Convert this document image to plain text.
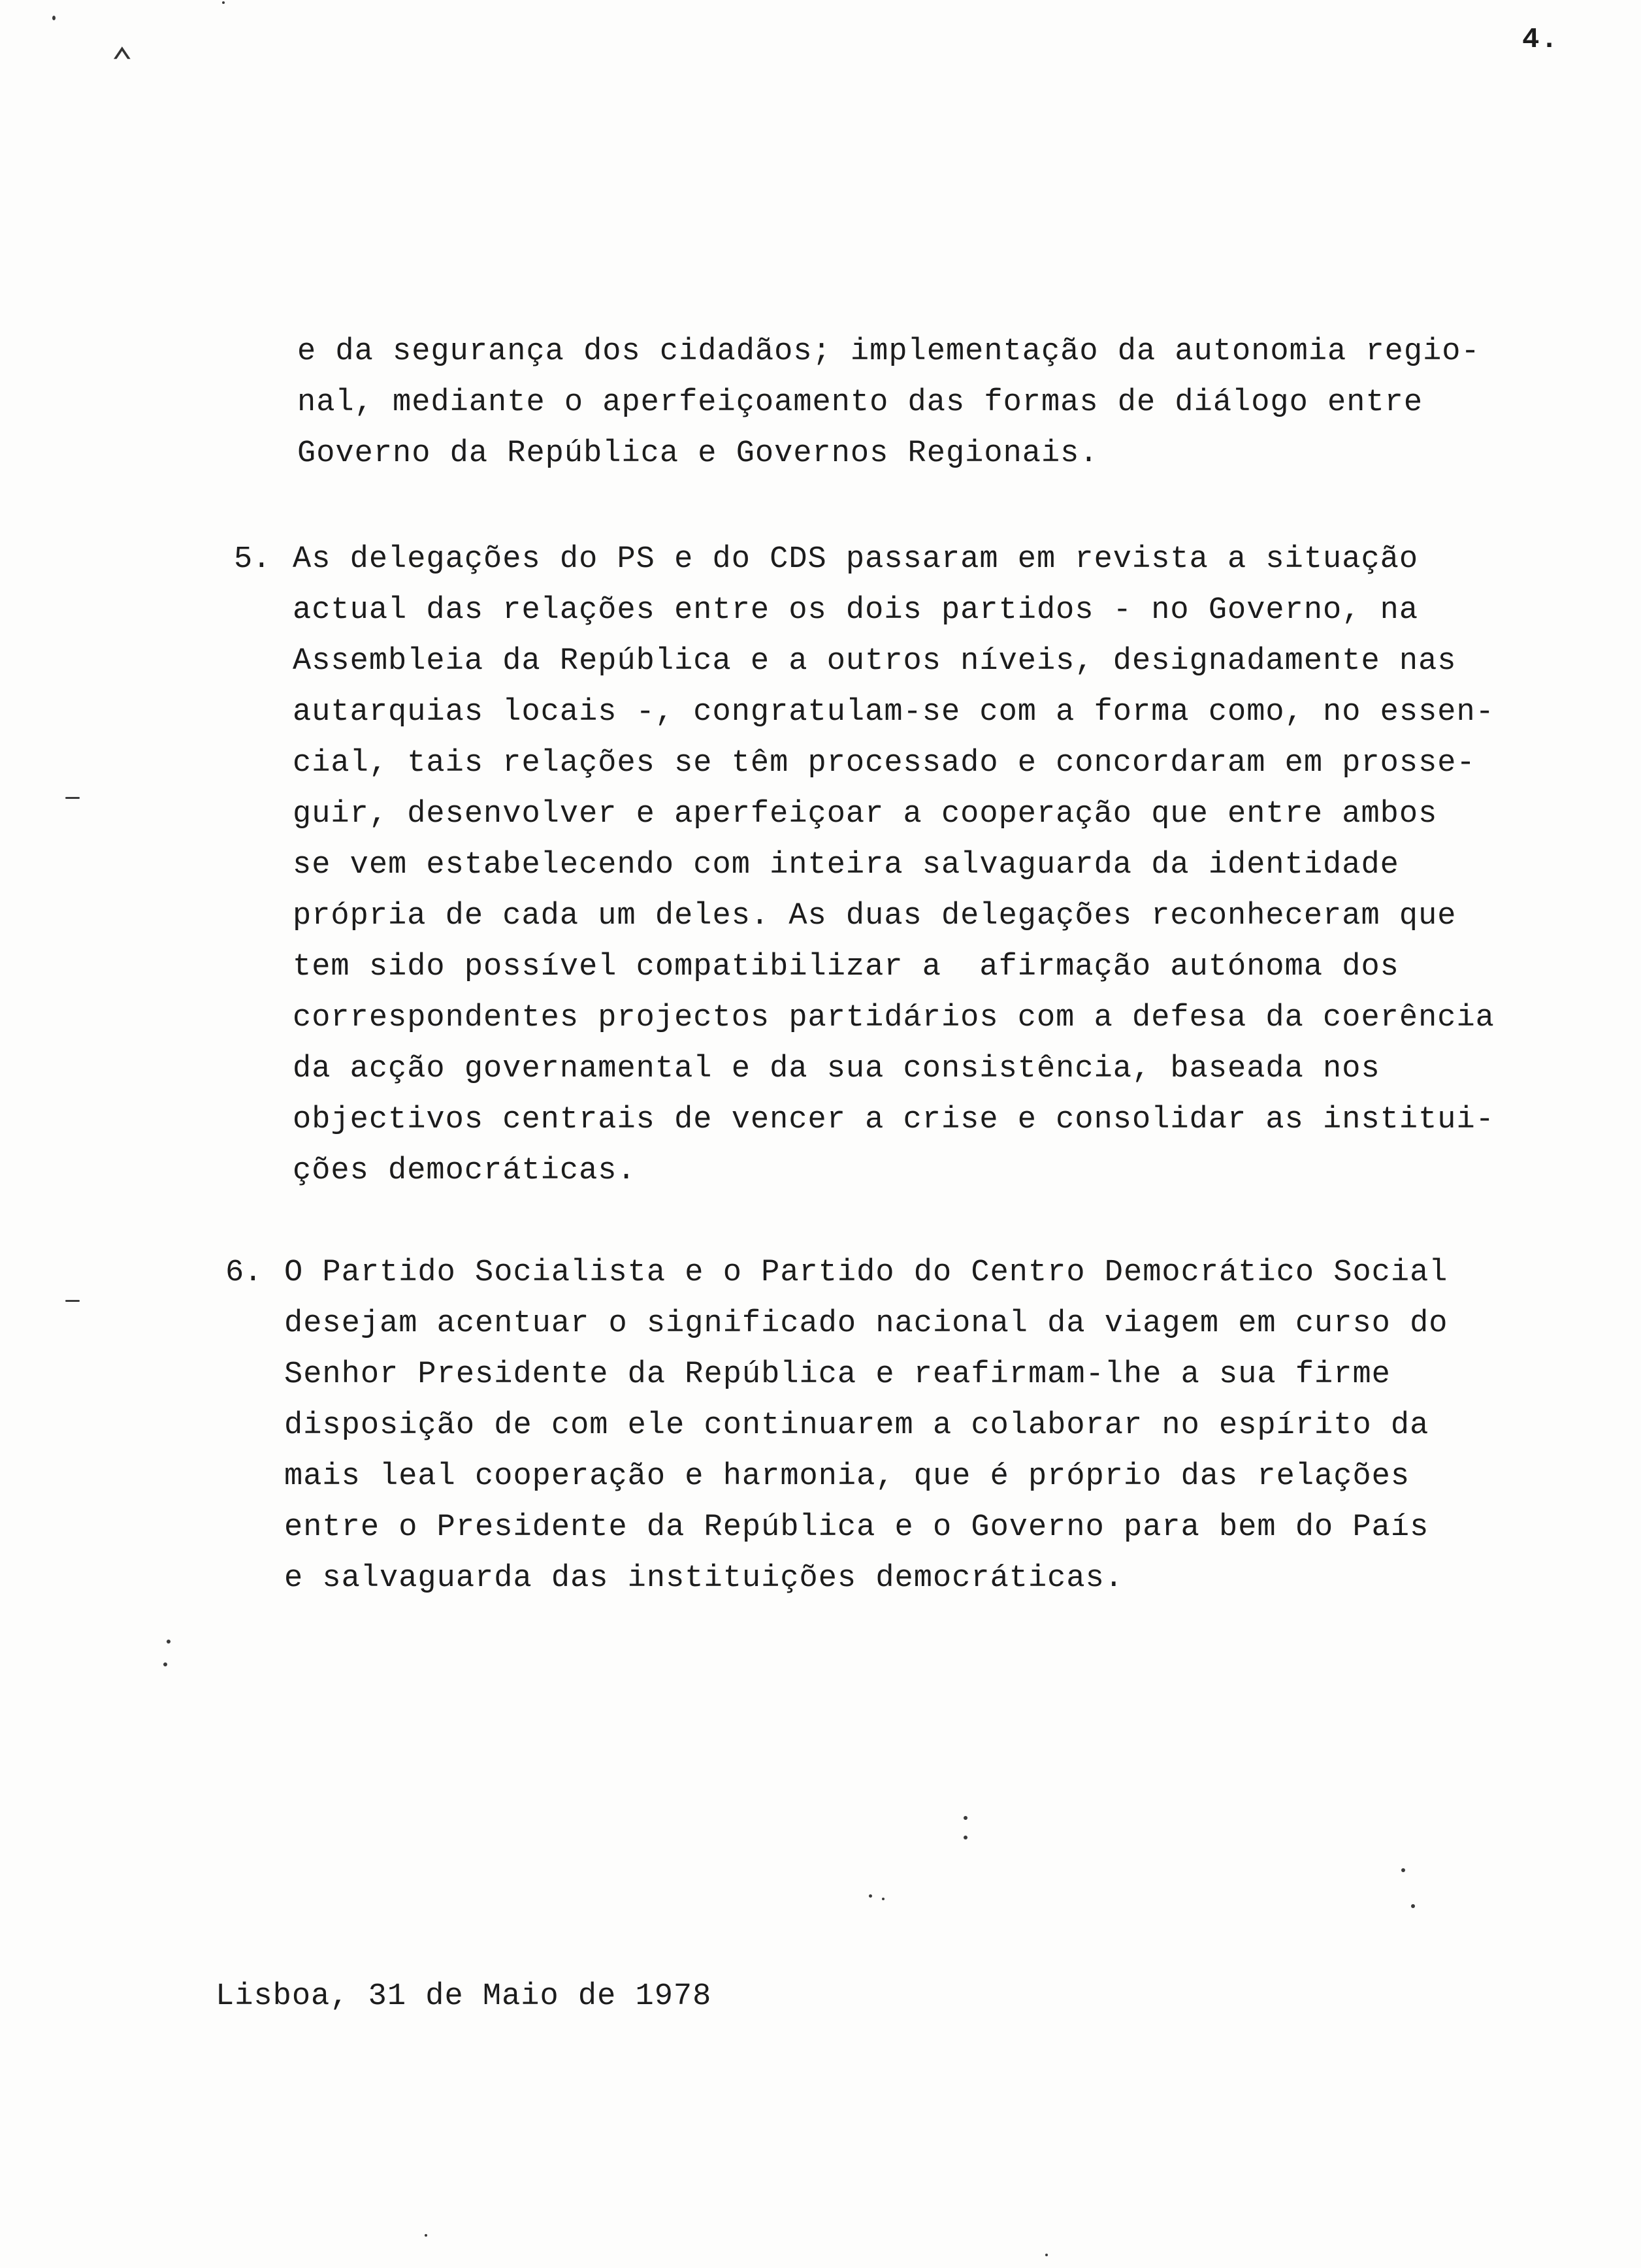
⌃
4.
e da segurança dos cidadãos; implementação da autonomia regio-
nal, mediante o aperfeiçoamento das formas de diálogo entre
Governo da República e Governos Regionais.
5. As delegações do PS e do CDS passaram em revista a situação
actual das relações entre os dois partidos - no Governo, na
Assembleia da República e a outros níveis, designadamente nas
autarquias locais -, congratulam-se com a forma como, no essen-
cial, tais relações se têm processado e concordaram em prosse-
guir, desenvolver e aperfeiçoar a cooperação que entre ambos
se vem estabelecendo com inteira salvaguarda da identidade
própria de cada um deles. As duas delegações reconheceram que
tem sido possível compatibilizar a  afirmação autónoma dos
correspondentes projectos partidários com a defesa da coerência
da acção governamental e da sua consistência, baseada nos
objectivos centrais de vencer a crise e consolidar as institui-
ções democráticas.
6. O Partido Socialista e o Partido do Centro Democrático Social
desejam acentuar o significado nacional da viagem em curso do
Senhor Presidente da República e reafirmam-lhe a sua firme
disposição de com ele continuarem a colaborar no espírito da
mais leal cooperação e harmonia, que é próprio das relações
entre o Presidente da República e o Governo para bem do País
e salvaguarda das instituições democráticas.
Lisboa, 31 de Maio de 1978
